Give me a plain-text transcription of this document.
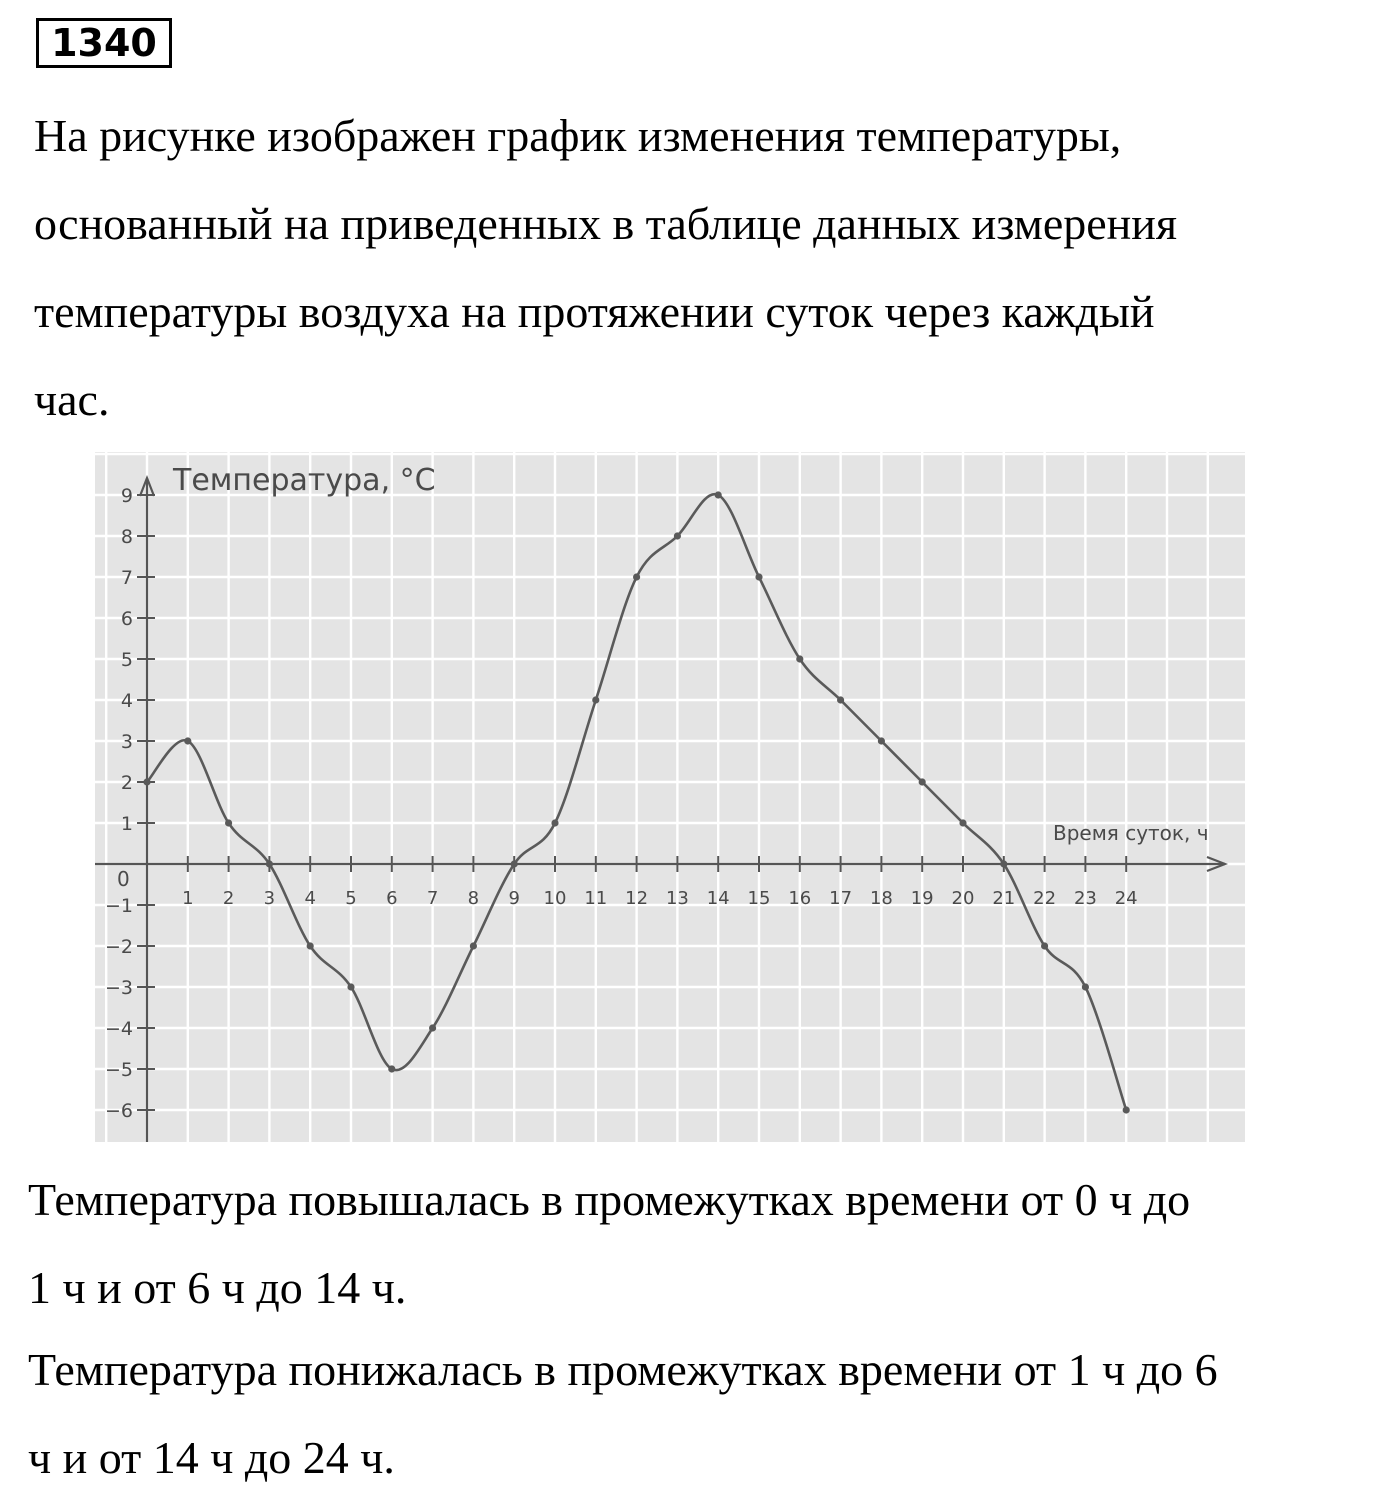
1340
На рисунке изображен график изменения температуры,
основанный на приведенных в таблице данных измерения
температуры воздуха на протяжении суток через каждый
час.
Температура, °С
Время суток, ч
0
9
8
7
6
5
4
3
2
1
−1
−2
−3
−4
−5
−6
1 2 3 4 5 6 7 8 9 10 11 12 13 14 15 16 17 18 19 20 21 22 23 24
Температура повышалась в промежутках времени от 0 ч до
1 ч и от 6 ч до 14 ч.
Температура понижалась в промежутках времени от 1 ч до 6
ч и от 14 ч до 24 ч.
